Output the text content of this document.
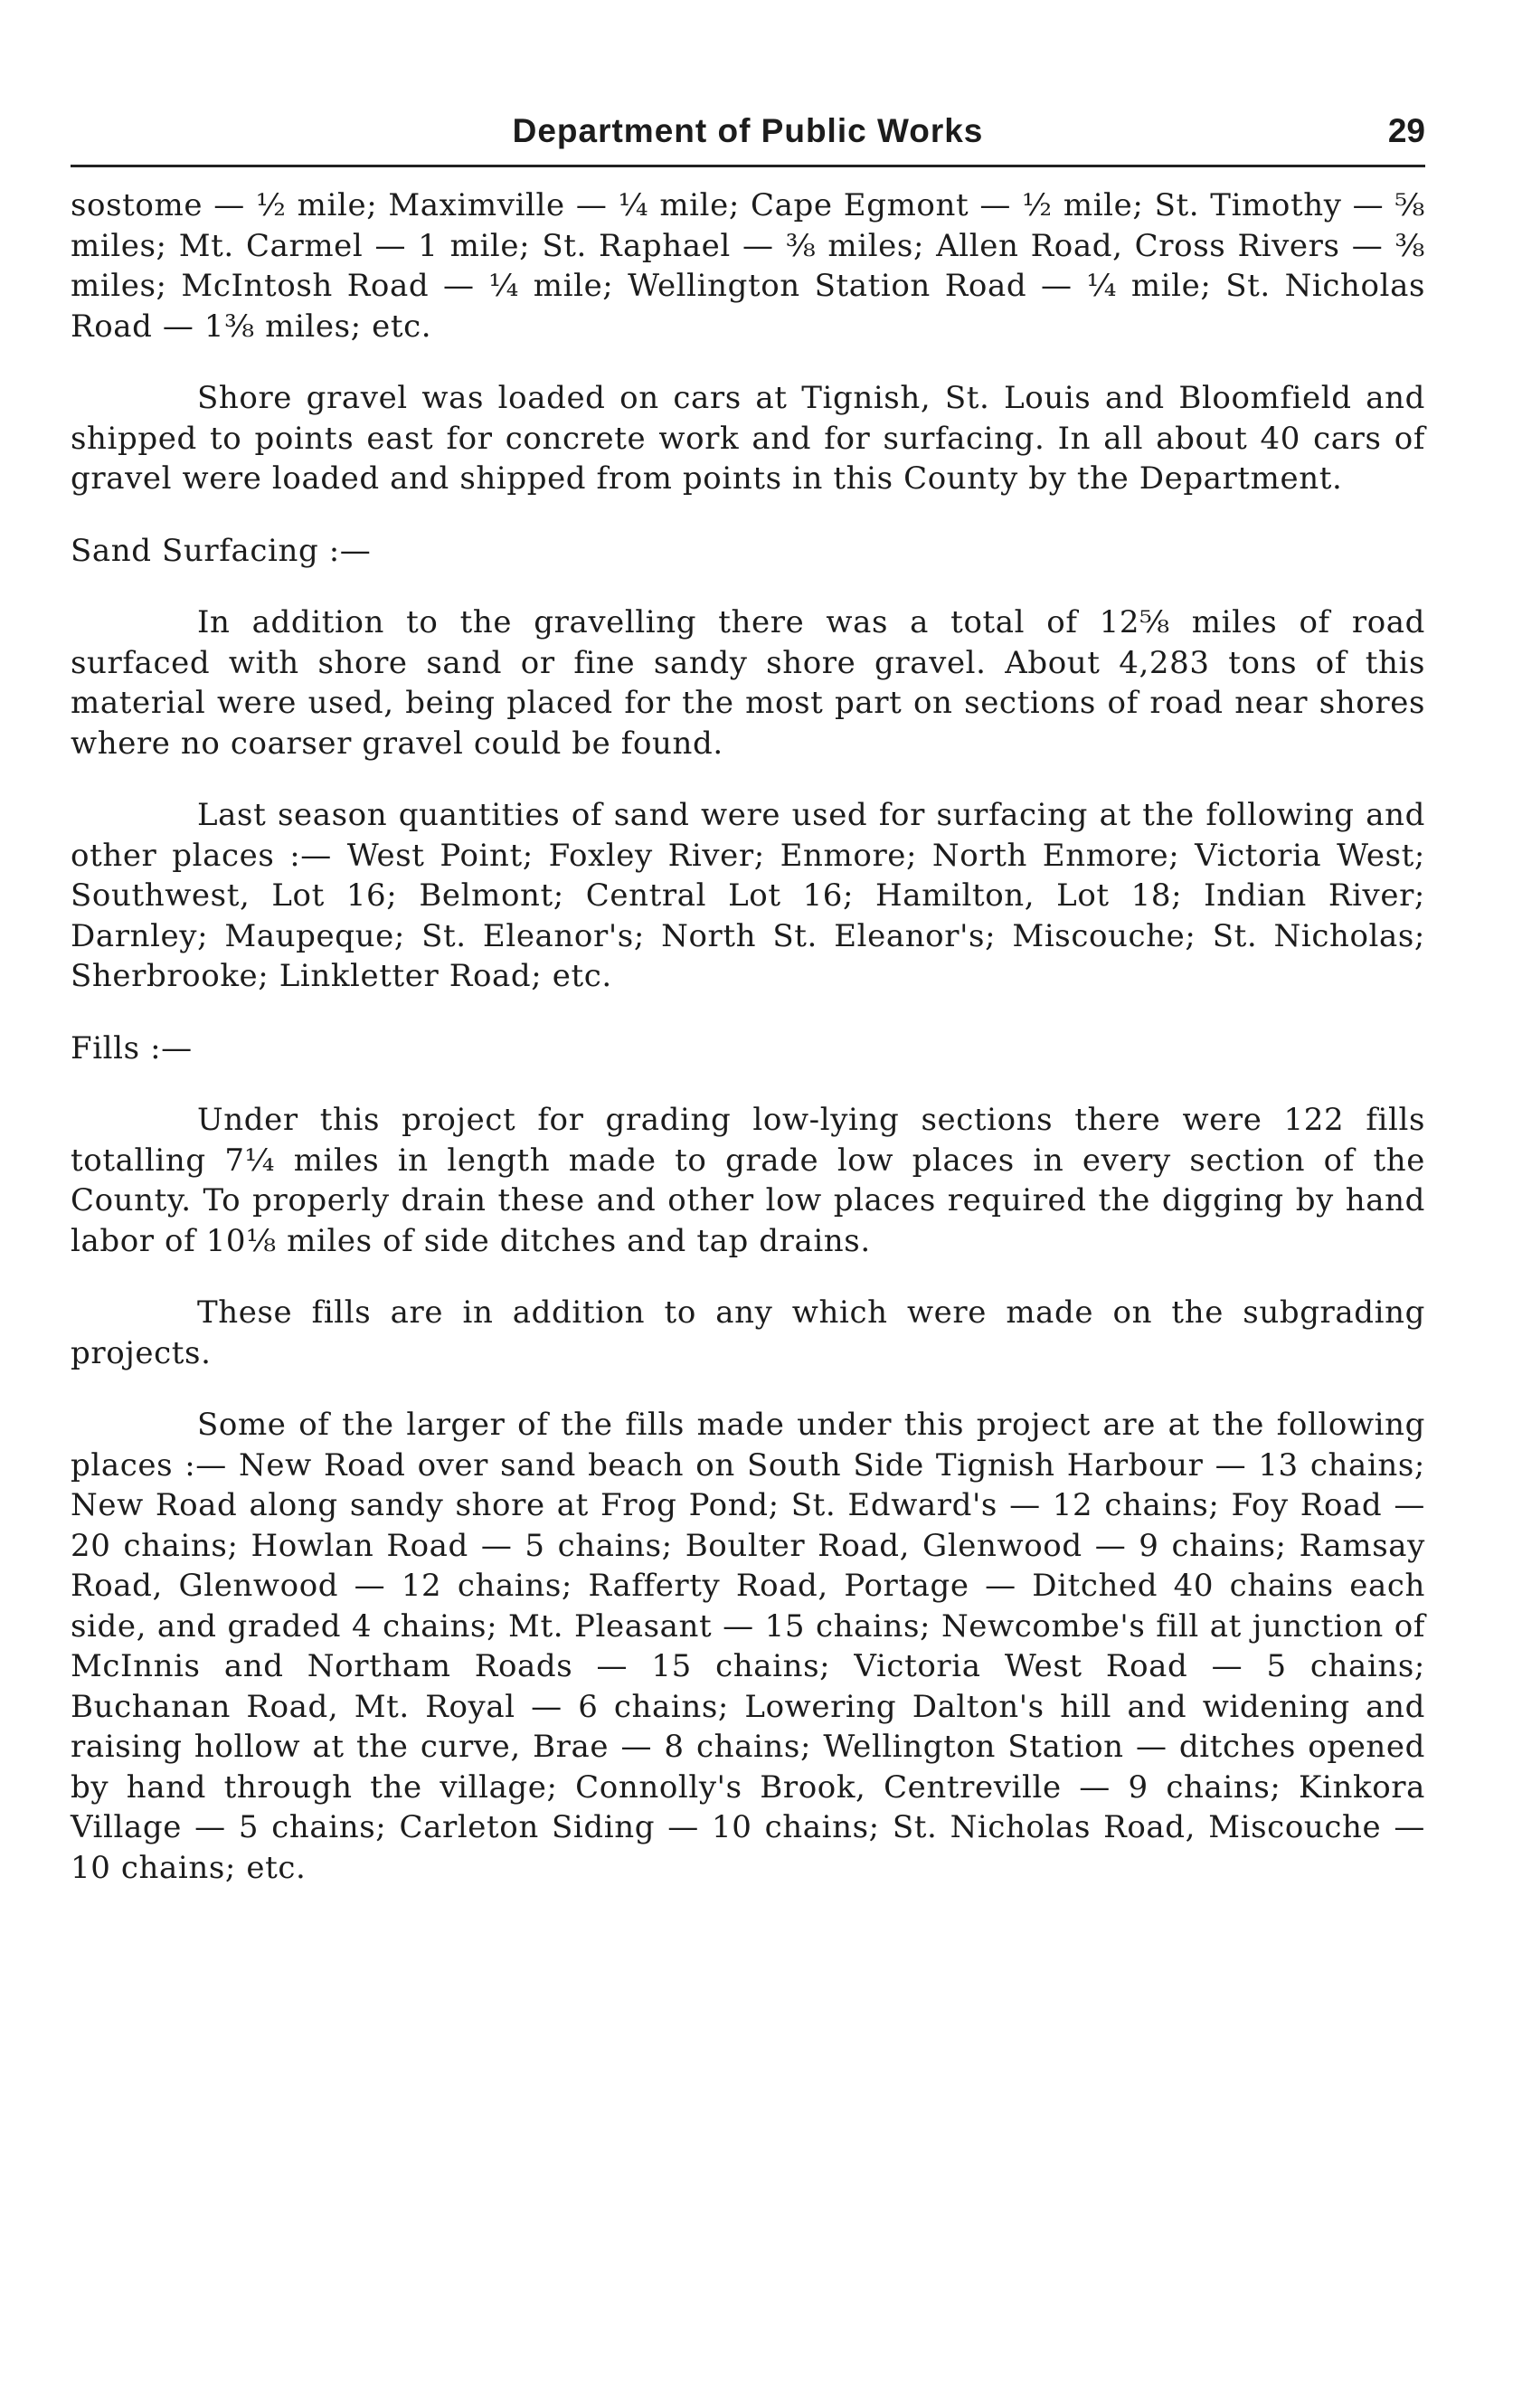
Department of Public Works	29

sostome — ½ mile; Maximville — ¼ mile; Cape Egmont — ½ mile; St. Timothy — ⅝ miles; Mt. Carmel — 1 mile; St. Raphael — ⅜ miles; Allen Road, Cross Rivers — ⅜ miles; McIntosh Road — ¼ mile; Wellington Station Road — ¼ mile; St. Nicholas Road — 1⅜ miles; etc.

Shore gravel was loaded on cars at Tignish, St. Louis and Bloomfield and shipped to points east for concrete work and for surfacing. In all about 40 cars of gravel were loaded and shipped from points in this County by the Department.

Sand Surfacing :—

In addition to the gravelling there was a total of 12⅝ miles of road surfaced with shore sand or fine sandy shore gravel. About 4,283 tons of this material were used, being placed for the most part on sections of road near shores where no coarser gravel could be found.

Last season quantities of sand were used for surfacing at the following and other places :— West Point; Foxley River; Enmore; North Enmore; Victoria West; Southwest, Lot 16; Belmont; Central Lot 16; Hamilton, Lot 18; Indian River; Darnley; Maupeque; St. Eleanor's; North St. Eleanor's; Miscouche; St. Nicholas; Sherbrooke; Linkletter Road; etc.

Fills :—

Under this project for grading low-lying sections there were 122 fills totalling 7¼ miles in length made to grade low places in every section of the County. To properly drain these and other low places required the digging by hand labor of 10⅛ miles of side ditches and tap drains.

These fills are in addition to any which were made on the subgrading projects.

Some of the larger of the fills made under this project are at the following places :— New Road over sand beach on South Side Tignish Harbour — 13 chains; New Road along sandy shore at Frog Pond; St. Edward's — 12 chains; Foy Road — 20 chains; Howlan Road — 5 chains; Boulter Road, Glenwood — 9 chains; Ramsay Road, Glenwood — 12 chains; Rafferty Road, Portage — Ditched 40 chains each side, and graded 4 chains; Mt. Pleasant — 15 chains; Newcombe's fill at junction of McInnis and Northam Roads — 15 chains; Victoria West Road — 5 chains; Buchanan Road, Mt. Royal — 6 chains; Lowering Dalton's hill and widening and raising hollow at the curve, Brae — 8 chains; Wellington Station — ditches opened by hand through the village; Connolly's Brook, Centreville — 9 chains; Kinkora Village — 5 chains; Carleton Siding — 10 chains; St. Nicholas Road, Miscouche — 10 chains; etc.
